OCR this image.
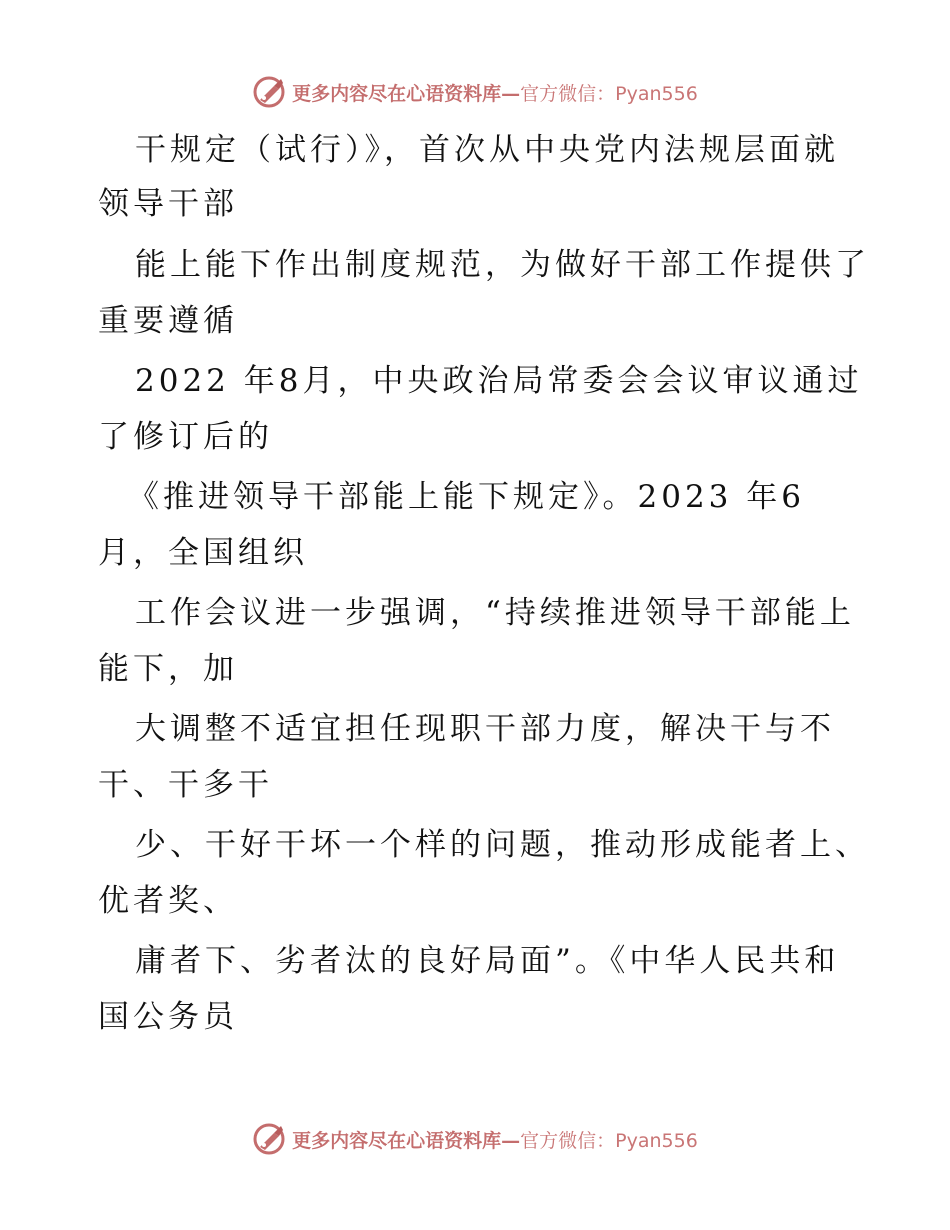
更多内容尽在心语资料库—官方微信：Pyan556
干规定（试行）》，首次从中央党内法规层面就
领导干部
能上能下作出制度规范，为做好干部工作提供了
重要遵循
2022 年8月，中央政治局常委会会议审议通过
了修订后的
《推进领导干部能上能下规定》。2023 年6
月，全国组织
工作会议进一步强调，“持续推进领导干部能上
能下，加
大调整不适宜担任现职干部力度，解决干与不
干、干多干
少、干好干坏一个样的问题，推动形成能者上、
优者奖、
庸者下、劣者汰的良好局面”。《中华人民共和
国公务员
更多内容尽在心语资料库—官方微信：Pyan556
